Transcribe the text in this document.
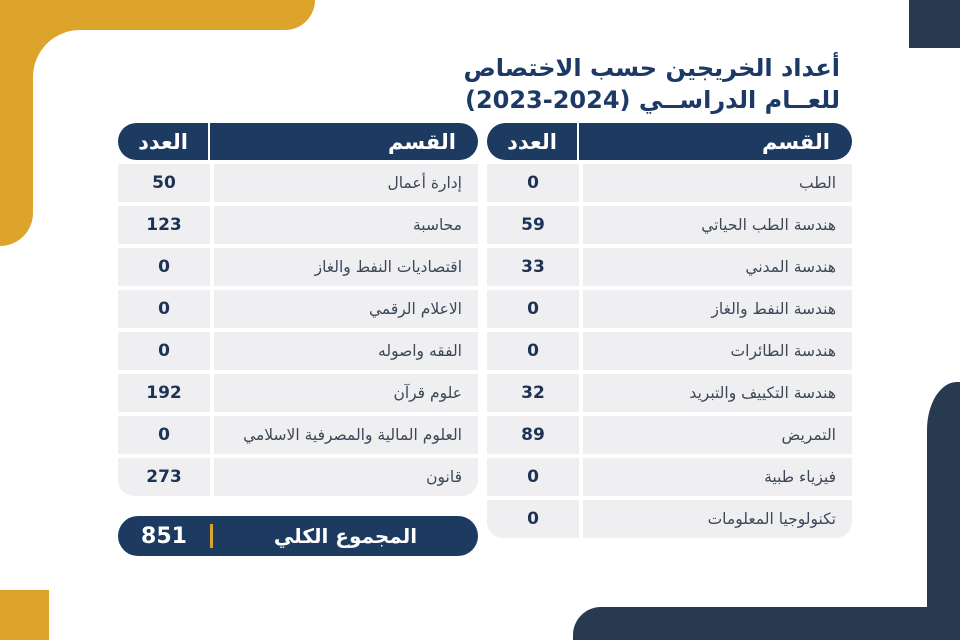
أعداد الخريجين حسب الاختصاص
للعــام الدراســي (2024-2023)
القسم
العدد
الطب
0
هندسة الطب الحياتي
59
هندسة المدني
33
هندسة النفط والغاز
0
هندسة الطائرات
0
هندسة التكييف والتبريد
32
التمريض
89
فيزياء طبية
0
تكنولوجيا المعلومات
0
القسم
العدد
إدارة أعمال
50
محاسبة
123
اقتصاديات النفط والغاز
0
الاعلام الرقمي
0
الفقه واصوله
0
علوم قرآن
192
العلوم المالية والمصرفية الاسلامي
0
قانون
273
المجموع الكلي
851
